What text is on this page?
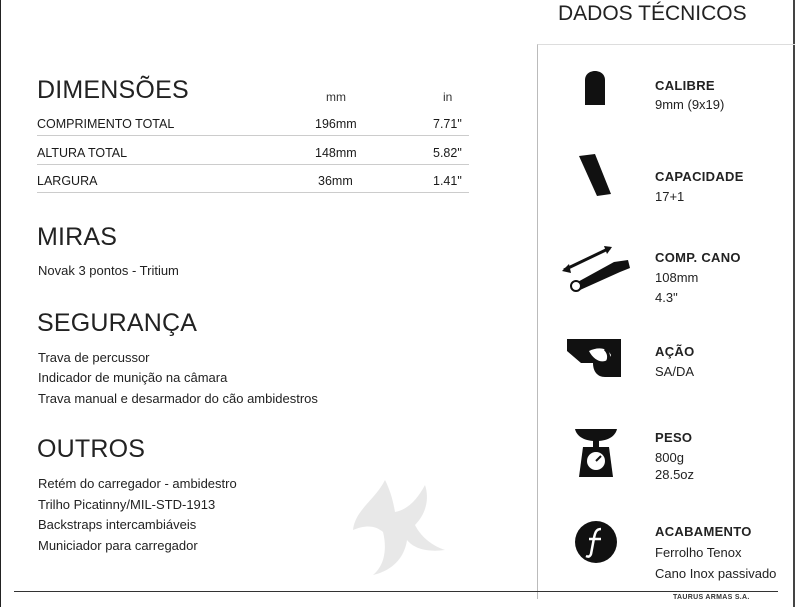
DIMENSÕES	mm	in
COMPRIMENTO TOTAL	196mm	7.71"
ALTURA TOTAL	148mm	5.82"
LARGURA	36mm	1.41"
MIRAS
Novak 3 pontos - Tritium
SEGURANÇA
Trava de percussor
Indicador de munição na câmara
Trava manual e desarmador do cão ambidestros
OUTROS
Retém do carregador - ambidestro
Trilho Picatinny/MIL-STD-1913
Backstraps intercambiáveis
Municiador para carregador
DADOS TÉCNICOS
CALIBRE
9mm (9x19)
CAPACIDADE
17+1
COMP. CANO
108mm
4.3"
AÇÃO
SA/DA
PESO
800g
28.5oz
ACABAMENTO
Ferrolho Tenox
Cano Inox passivado
TAURUS ARMAS S.A.
